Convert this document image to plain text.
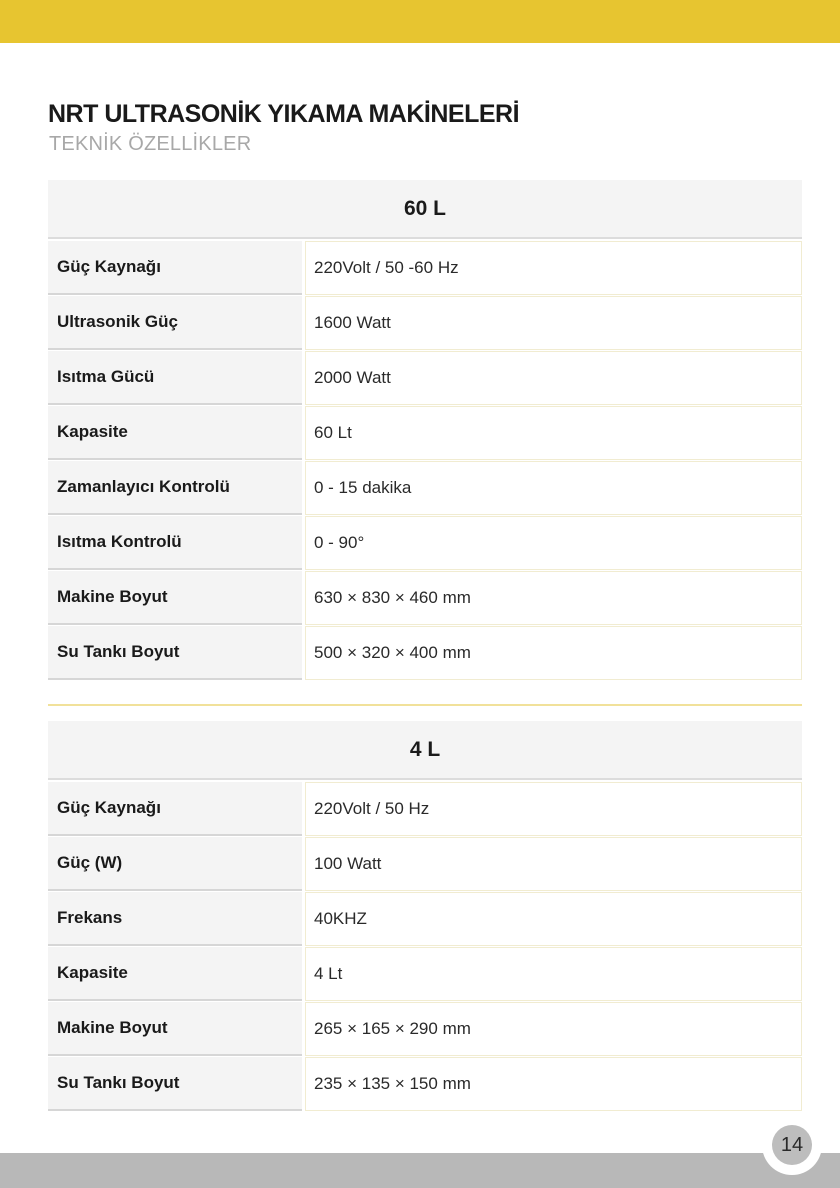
NRT ULTRASONİK YIKAMA MAKİNELERİ
TEKNİK ÖZELLİKLER
60 L
Güç Kaynağı	220Volt / 50 -60 Hz
Ultrasonik Güç	1600 Watt
Isıtma Gücü	2000 Watt
Kapasite	60 Lt
Zamanlayıcı Kontrolü	0 - 15 dakika
Isıtma Kontrolü	0 - 90°
Makine Boyut	630 × 830 × 460 mm
Su Tankı Boyut	500 × 320 × 400 mm
4 L
Güç Kaynağı	220Volt / 50 Hz
Güç (W)	100 Watt
Frekans	40KHZ
Kapasite	4 Lt
Makine Boyut	265 × 165 × 290 mm
Su Tankı Boyut	235 × 135 × 150 mm
14
